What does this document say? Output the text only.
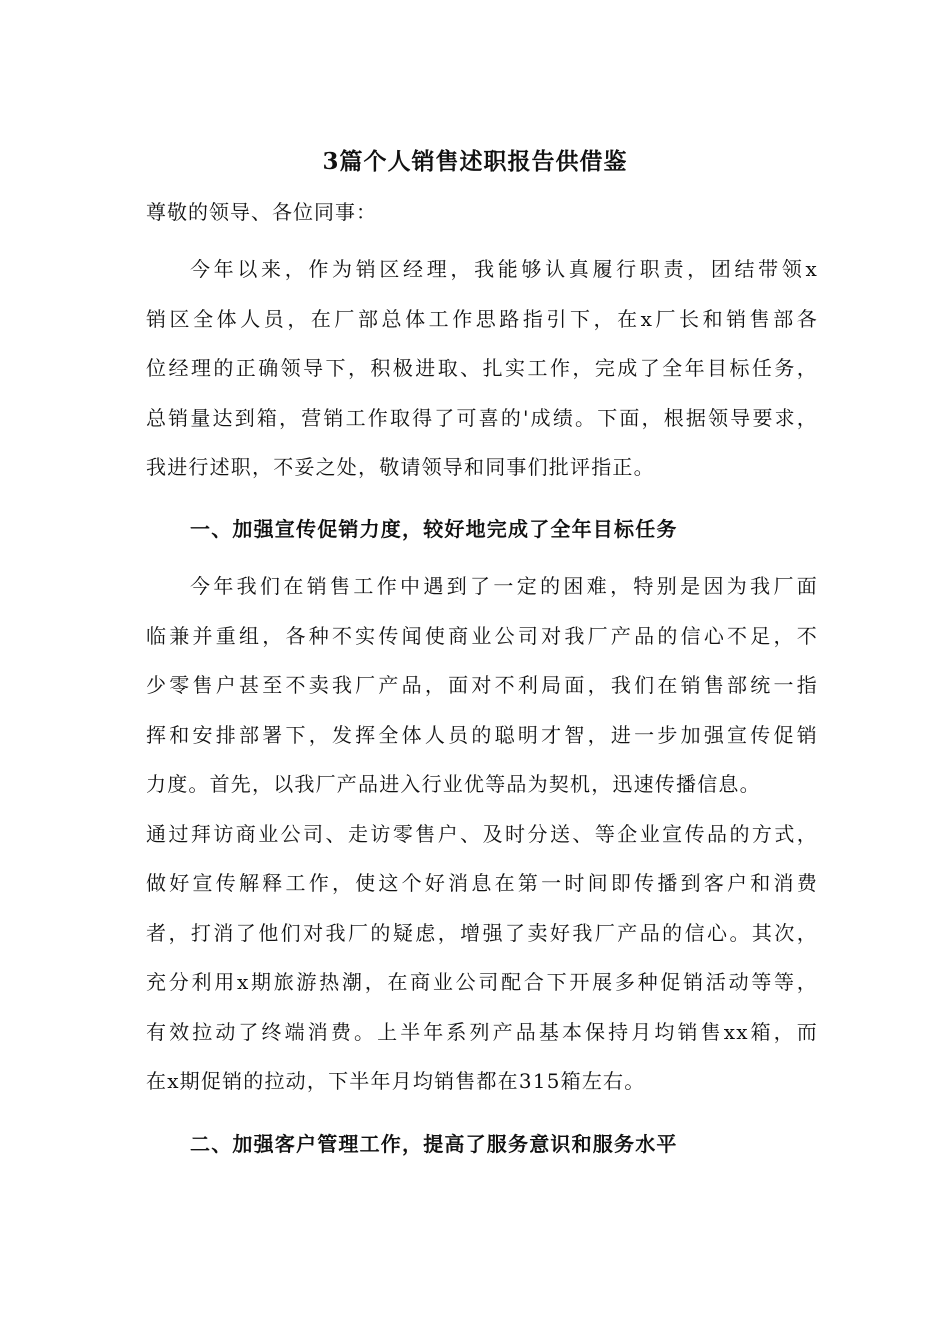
3篇个人销售述职报告供借鉴
尊敬的领导、各位同事：
今年以来，作为销区经理，我能够认真履行职责，团结带领x
销区全体人员，在厂部总体工作思路指引下，在x厂长和销售部各
位经理的正确领导下，积极进取、扎实工作，完成了全年目标任务，
总销量达到箱，营销工作取得了可喜的'成绩。下面，根据领导要求，
我进行述职，不妥之处，敬请领导和同事们批评指正。
一、加强宣传促销力度，较好地完成了全年目标任务
今年我们在销售工作中遇到了一定的困难，特别是因为我厂面
临兼并重组，各种不实传闻使商业公司对我厂产品的信心不足，不
少零售户甚至不卖我厂产品，面对不利局面，我们在销售部统一指
挥和安排部署下，发挥全体人员的聪明才智，进一步加强宣传促销
力度。首先，以我厂产品进入行业优等品为契机，迅速传播信息。
通过拜访商业公司、走访零售户、及时分送、等企业宣传品的方式，
做好宣传解释工作，使这个好消息在第一时间即传播到客户和消费
者，打消了他们对我厂的疑虑，增强了卖好我厂产品的信心。其次，
充分利用x期旅游热潮，在商业公司配合下开展多种促销活动等等，
有效拉动了终端消费。上半年系列产品基本保持月均销售xx箱，而
在x期促销的拉动，下半年月均销售都在315箱左右。
二、加强客户管理工作，提高了服务意识和服务水平
